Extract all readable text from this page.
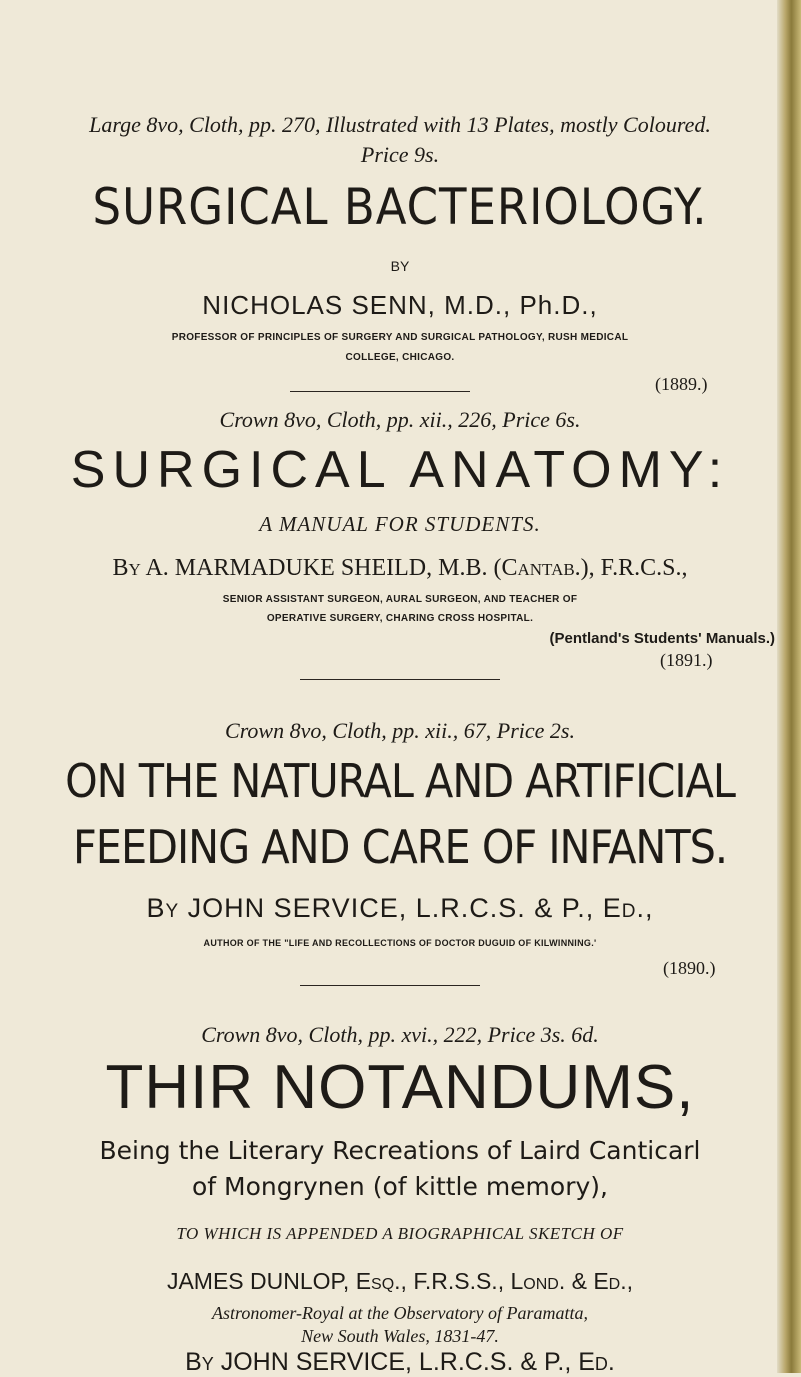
Large 8vo, Cloth, pp. 270, Illustrated with 13 Plates, mostly Coloured.
Price 9s.
SURGICAL BACTERIOLOGY.
BY
NICHOLAS SENN, M.D., Ph.D.,
PROFESSOR OF PRINCIPLES OF SURGERY AND SURGICAL PATHOLOGY, RUSH MEDICAL
COLLEGE, CHICAGO.
(1889.)
Crown 8vo, Cloth, pp. xii., 226, Price 6s.
SURGICAL ANATOMY:
A MANUAL FOR STUDENTS.
By A. MARMADUKE SHEILD, M.B. (Cantab.), F.R.C.S.,
SENIOR ASSISTANT SURGEON, AURAL SURGEON, AND TEACHER OF
OPERATIVE SURGERY, CHARING CROSS HOSPITAL.
(Pentland's Students' Manuals.)
(1891.)
Crown 8vo, Cloth, pp. xii., 67, Price 2s.
ON THE NATURAL AND ARTIFICIAL
FEEDING AND CARE OF INFANTS.
By JOHN SERVICE, L.R.C.S. & P., Ed.,
AUTHOR OF THE "LIFE AND RECOLLECTIONS OF DOCTOR DUGUID OF KILWINNING.'
(1890.)
Crown 8vo, Cloth, pp. xvi., 222, Price 3s. 6d.
THIR NOTANDUMS,
Being the Literary Recreations of Laird Canticarl
of Mongrynen (of kittle memory),
TO WHICH IS APPENDED A BIOGRAPHICAL SKETCH OF
JAMES DUNLOP, Esq., F.R.S.S., Lond. & Ed.,
Astronomer-Royal at the Observatory of Paramatta,
New South Wales, 1831-47.
By JOHN SERVICE, L.R.C.S. & P., Ed.
